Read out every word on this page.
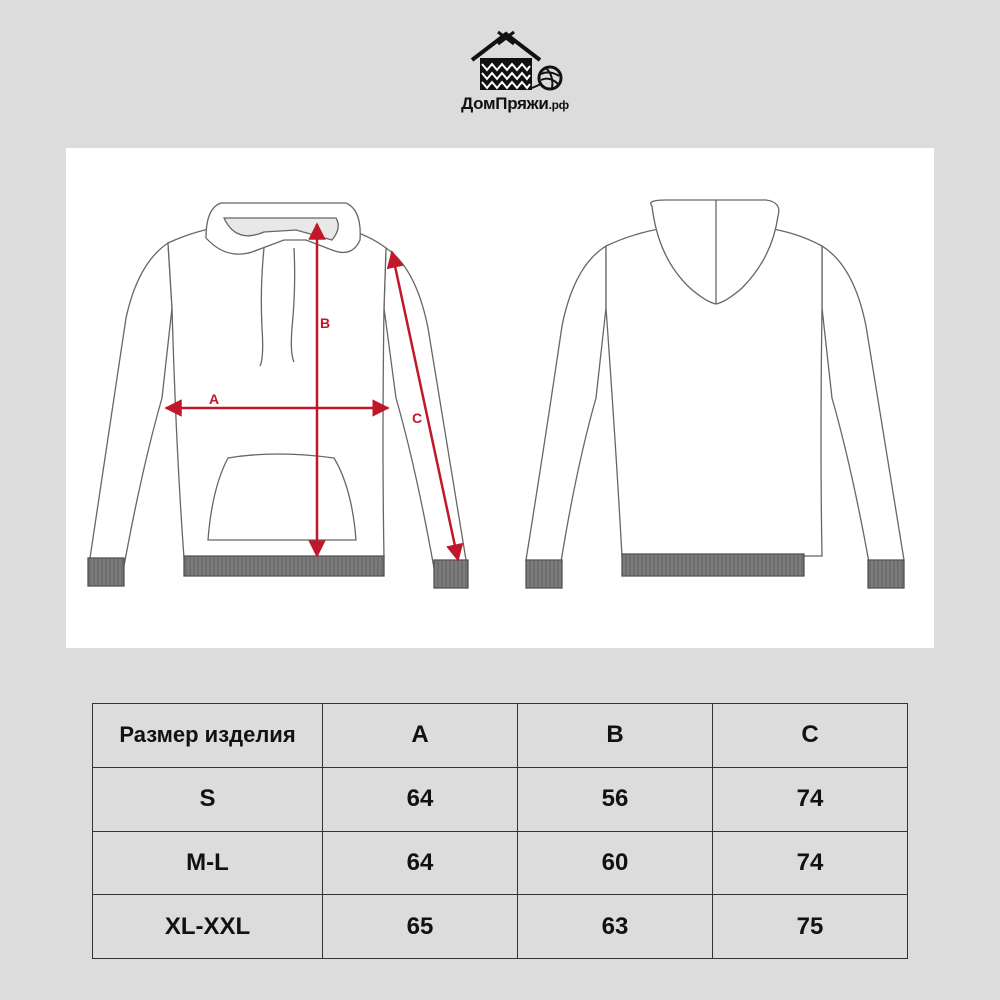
ДомПряжи.рф
A
B
C
Размер изделия	A	B	C
S	64	56	74
M-L	64	60	74
XL-XXL	65	63	75
